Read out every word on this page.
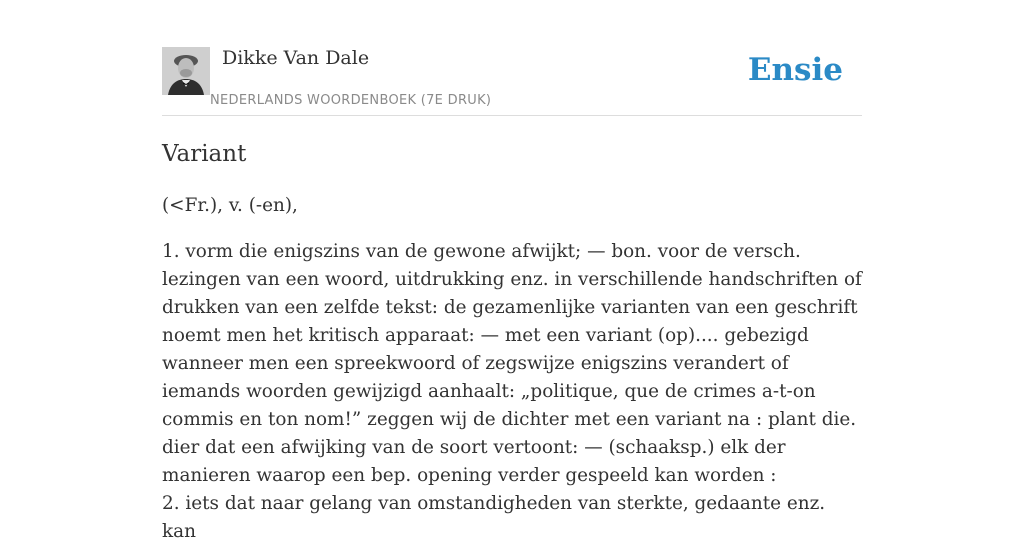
Dikke Van Dale
NEDERLANDS WOORDENBOEK (7E DRUK)
Ensie
Variant

(<Fr.), v. (-en),

1. vorm die enigszins van de gewone afwijkt; — bon. voor de versch. lezingen van een woord, uitdrukking enz. in verschillende handschriften of drukken van een zelfde tekst: de gezamenlijke varianten van een geschrift noemt men het kritisch apparaat: — met een variant (op).... gebezigd wanneer men een spreekwoord of zegswijze enigszins verandert of iemands woorden gewijzigd aanhaalt: „politique, que de crimes a-t-on commis en ton nom!” zeggen wij de dichter met een variant na : plant die. dier dat een afwijking van de soort vertoont: — (schaaksp.) elk der manieren waarop een bep. opening verder gespeeld kan worden :

2. iets dat naar gelang van omstandigheden van sterkte, gedaante enz. kan
